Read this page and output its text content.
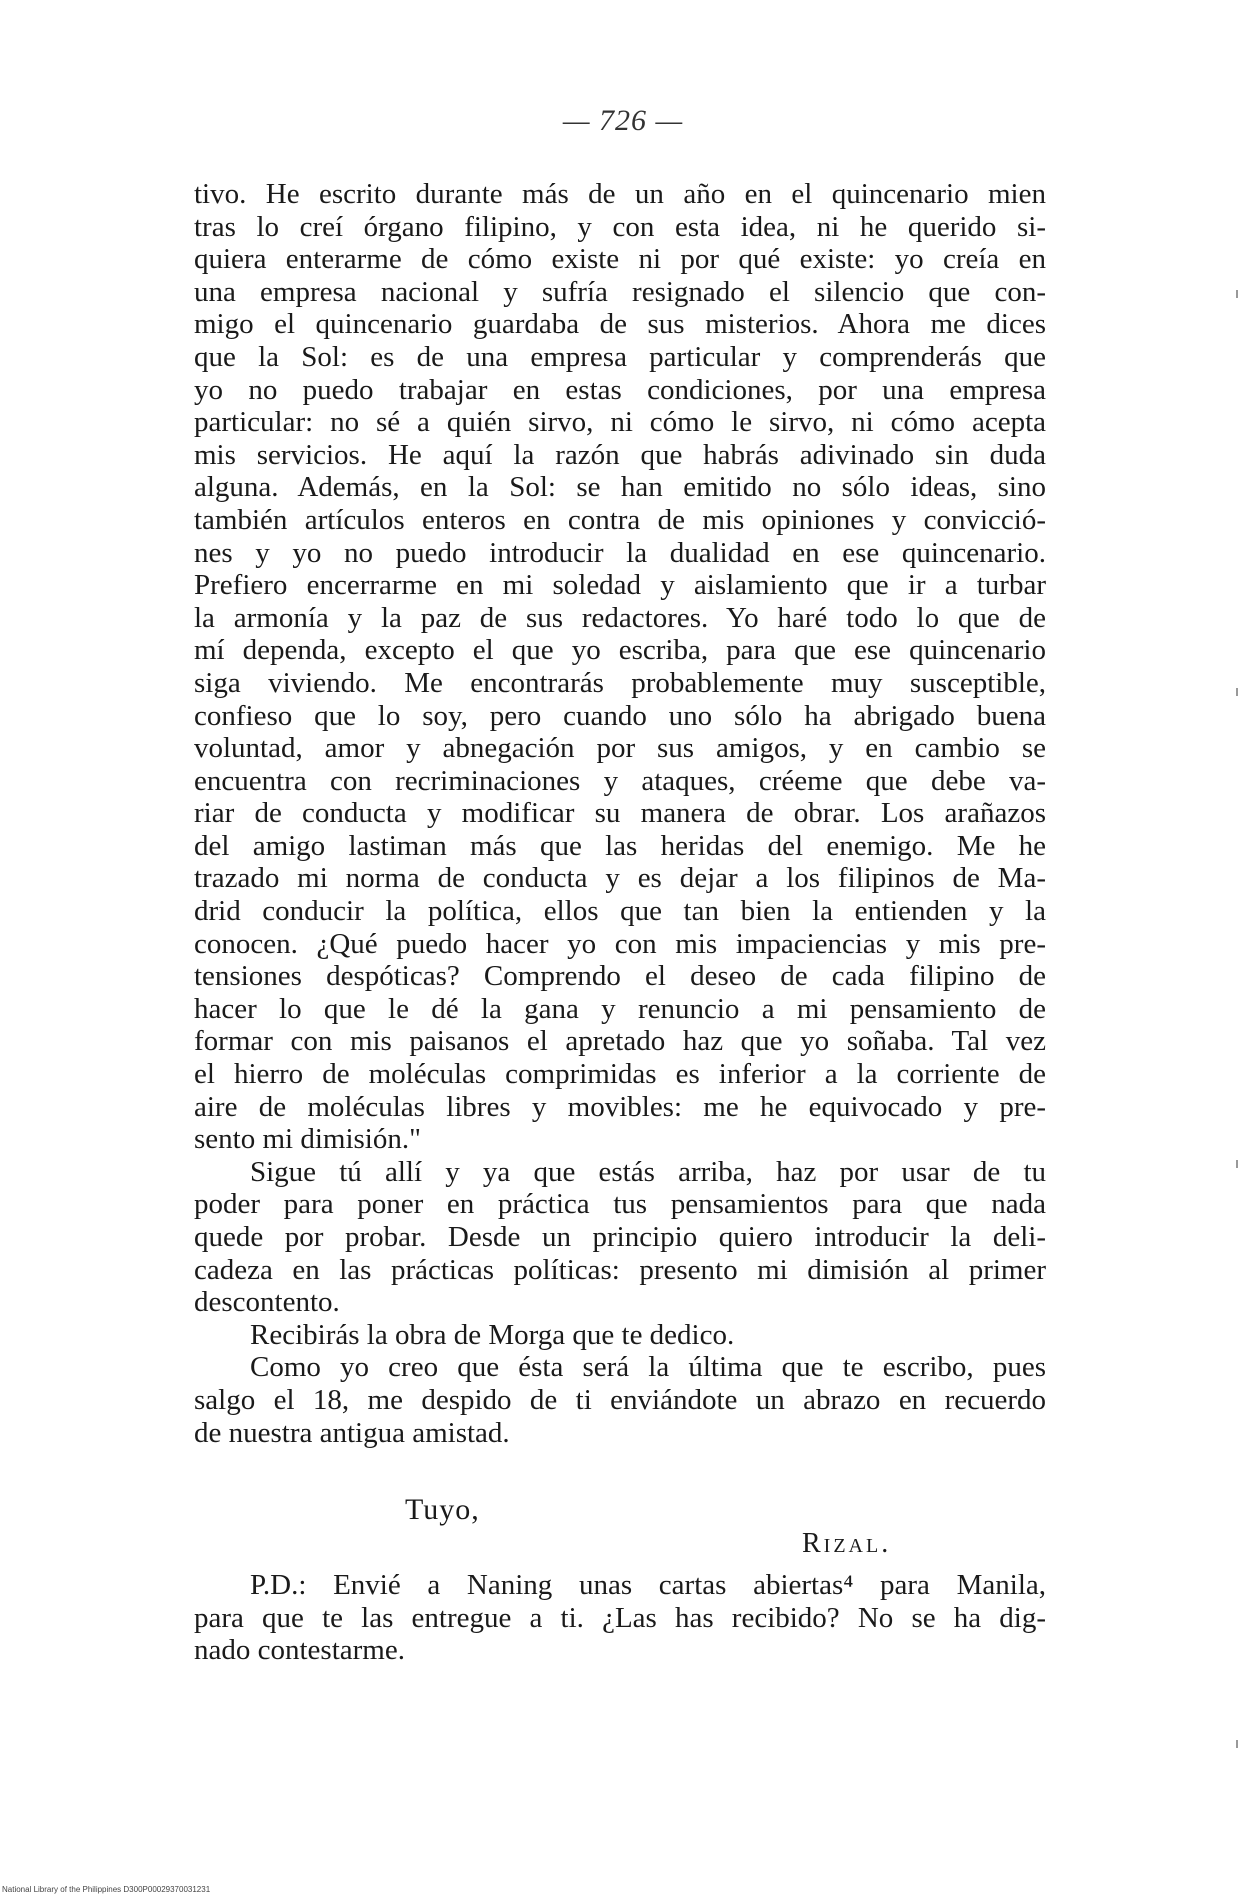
— 726 —
tivo. He escrito durante más de un año en el quincenario mien
tras lo creí órgano filipino, y con esta idea, ni he querido si-
quiera enterarme de cómo existe ni por qué existe: yo creía en
una empresa nacional y sufría resignado el silencio que con-
migo el quincenario guardaba de sus misterios. Ahora me dices
que la Sol: es de una empresa particular y comprenderás que
yo no puedo trabajar en estas condiciones, por una empresa
particular: no sé a quién sirvo, ni cómo le sirvo, ni cómo acepta
mis servicios. He aquí la razón que habrás adivinado sin duda
alguna. Además, en la Sol: se han emitido no sólo ideas, sino
también artículos enteros en contra de mis opiniones y convicció-
nes y yo no puedo introducir la dualidad en ese quincenario.
Prefiero encerrarme en mi soledad y aislamiento que ir a turbar
la armonía y la paz de sus redactores. Yo haré todo lo que de
mí dependa, excepto el que yo escriba, para que ese quincenario
siga viviendo. Me encontrarás probablemente muy susceptible,
confieso que lo soy, pero cuando uno sólo ha abrigado buena
voluntad, amor y abnegación por sus amigos, y en cambio se
encuentra con recriminaciones y ataques, créeme que debe va-
riar de conducta y modificar su manera de obrar. Los arañazos
del amigo lastiman más que las heridas del enemigo. Me he
trazado mi norma de conducta y es dejar a los filipinos de Ma-
drid conducir la política, ellos que tan bien la entienden y la
conocen. ¿Qué puedo hacer yo con mis impaciencias y mis pre-
tensiones despóticas? Comprendo el deseo de cada filipino de
hacer lo que le dé la gana y renuncio a mi pensamiento de
formar con mis paisanos el apretado haz que yo soñaba. Tal vez
el hierro de moléculas comprimidas es inferior a la corriente de
aire de moléculas libres y movibles: me he equivocado y pre-
sento mi dimisión."
Sigue tú allí y ya que estás arriba, haz por usar de tu
poder para poner en práctica tus pensamientos para que nada
quede por probar. Desde un principio quiero introducir la deli-
cadeza en las prácticas políticas: presento mi dimisión al primer
descontento.
Recibirás la obra de Morga que te dedico.
Como yo creo que ésta será la última que te escribo, pues
salgo el 18, me despido de ti enviándote un abrazo en recuerdo
de nuestra antigua amistad.
Tuyo,
Rizal.
P.D.: Envié a Naning unas cartas abiertas⁴ para Manila,
para que te las entregue a ti. ¿Las has recibido? No se ha dig-
nado contestarme.
National Library of the Philippines D300P00029370031231
